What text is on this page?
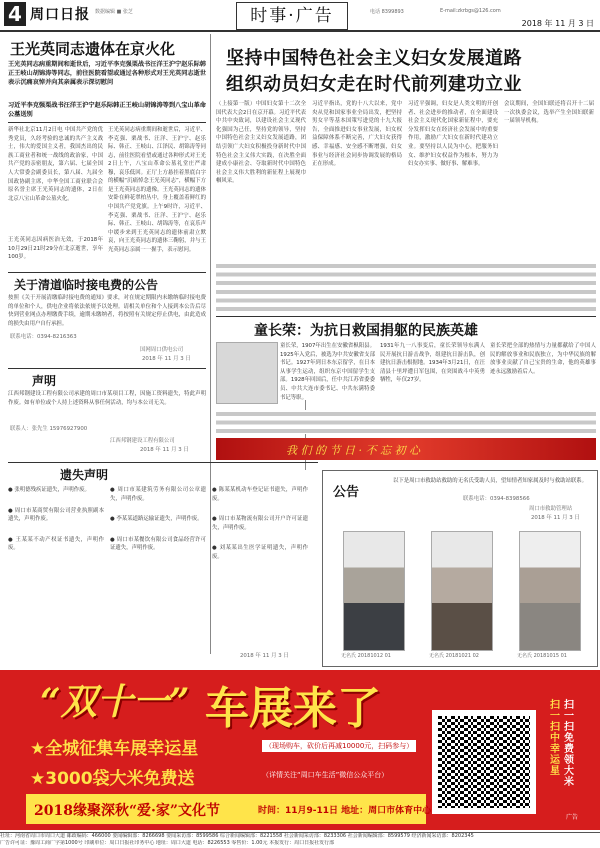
4 周口日报 数据编辑 ■ 张芝	时事·广告	电话 8399893	E-mail:zkrbgs@126.com
2018 年 11 月 3 日
王光英同志遗体在京火化
王光英同志病重期间和逝世后，习近平李克强栗战书汪洋王沪宁赵乐际韩正王岐山胡锦涛等同志，前往医院看望或通过各种形式对王光英同志逝世表示沉痛哀悼并向其亲属表示深切慰问
习近平李克强栗战书汪洋王沪宁赵乐际韩正王岐山胡锦涛等到八宝山革命公墓送别
新华社北京11月2日电 中国共产党的优秀党员，久经考验的忠诚的共产主义战士，伟大的爱国主义者，我国杰出的民族工商业者和统一战线的政治家，中国共产党的亲密朋友，第六届、七届全国人大常委会副委员长，第八届、九届全国政协副主席，中华全国工商业联合会原名誉主席王光英同志的遗体，2日在北京八宝山革命公墓火化。
王光英同志因病医治无效，于2018年10月29日21时29分在北京逝世，享年100岁。
王光英同志病重期间和逝世后，习近平、李克强、栗战书、汪洋、王沪宁、赵乐际、韩正、王岐山、江泽民、胡锦涛等同志，前往医院看望或通过各种形式对王光
2日上午，八宝山革命公墓礼堂庄严肃穆，哀乐低回。正厅上方悬挂着黑底白字的横幅“沉痛悼念王光英同志”，横幅下方是王光英同志的遗像。王光英同志的遗体安卧在鲜花翠柏丛中，身上覆盖着鲜红的中国共产党党旗。上午9时许，习近平、李克强、栗战书、汪洋、王沪宁、赵乐际、韩正、王岐山、胡锦涛等，在哀乐声中缓步来到王光英同志的遗体前肃立默哀，向王光英同志的遗体三鞠躬，并与王光英同志亲属一一握手，表示慰问。
坚持中国特色社会主义妇女发展道路
组织动员妇女走在时代前列建功立业
（上接第一版）中国妇女第十二次全国代表大会2日在京开幕。习近平代表中共中央致词，以建设社会主义现代化强国为己任，坚持党的领导，坚持中国特色社会主义妇女发展道路，团结引领广大妇女积极投身新时代中国特色社会主义伟大实践，在决胜全面建成小康社会、夺取新时代中国特色社会主义伟大胜利的新征程上展现巾帼风采。
习近平指出，党的十八大以来，党中央从党和国家事业全局出发，把坚持男女平等基本国策写进党的十九大报告，全面推进妇女事业发展，妇女权益保障体系不断完善，广大妇女获得感、幸福感、安全感不断增强，妇女事业与经济社会同步协调发展的格局正在形成。
习近平强调，妇女是人类文明的开创者、社会进步的推动者，在全面建设社会主义现代化国家新征程中，要充分发挥妇女在经济社会发展中的重要作用，激励广大妇女在新时代建功立业。要坚持以人民为中心，把服务妇女、维护妇女权益作为根本，努力为妇女办实事、做好事、解难事。
会议期间，全国妇联还将召开十二届一次执委会议，选举产生全国妇联新一届领导机构。
关于清道临时接电费的公告
按照《关于开展清缴临时接电费的通知》要求，对在规定期限内未缴纳临时接电费的单位和个人，供电企业将依法依规予以处理。请相关单位和个人接到本公告后尽快到营业网点办理缴费手续，逾期未缴纳者，将按照有关规定停止供电，由此造成的损失由用户自行承担。
联系电话：0394-8216363
国网周口供电公司
2018 年 11 月 3 日
声明
江西邦钢建设工程有限公司承建的周口市某项目工程，因施工资料遗失，特此声明作废。如有单位或个人持上述资料从事任何活动，均与本公司无关。
联系人：张先生 15976927900
江西邦钢建设工程有限公司
2018 年 11 月 3 日
童长荣：为抗日救国捐躯的民族英雄
童长荣，1907年出生在安徽省枞阳县。1925年入党后，被选为中共安徽省支部书记。1927年到日本东京留学，在日本从事学生运动，组织东京中国留学生支部。1928年回国后，任中共江苏省委委员、中共大连市委书记、中共东满特委书记等职。
1931年九一八事变后，童长荣领导东满人民开展抗日游击战争，组建抗日游击队，创建抗日游击根据地。1934年3月21日，在汪清县十里坪遭日军包围，在突围战斗中英勇牺牲，年仅27岁。
童长荣把全部的热情与力量都献给了中国人民的解放事业和民族独立，为中华民族的解放事业贡献了自己宝贵的生命，他的英雄事迹永远激励着后人。
我 们 的 节 日 · 不 忘 初 心
遗失声明
● 张明德残疾证遗失，声明作废。
● 周口市某商贸有限公司营业执照副本遗失，声明作废。
● 王某某不动产权证书遗失，声明作废。
● 周口市某建筑劳务有限公司公章遗失，声明作废。
● 李某某道路运输证遗失，声明作废。
● 周口市某餐饮有限公司食品经营许可证遗失，声明作废。
● 陈某某机动车登记证书遗失，声明作废。
● 周口市某物流有限公司开户许可证遗失，声明作废。
● 刘某某出生医学证明遗失，声明作废。
2018 年 11 月 3 日
公告
以下是周口市救助站救助的无名氏受助人员，望知情者知家属及时与救助站联系。
联系电话：0394-8398566
周口市救助管理站
2018 年 11 月 3 日
无名氏 20181012 01	无名氏 20181021 02	无名氏 20181015 01
“双十一” 车展来了
★全城征集车展幸运星	（现场购车，砍价后再减10000元，扫码参与）
★3000袋大米免费送	（详情关注“周口车生活”微信公众平台）
2018缘聚深秋“爱·家”文化节	时间：11月9-11日 地址：周口市体育中心
扫一扫免费领大米
扫一扫中幸运星
广告
社址：河南省周口市周口大道 邮政编码：466000 要闻编辑部：8266698 要闻采访部：8599586 综合新闻编辑部：8221558 社会新闻采访部：8233306 社会新闻编辑部：8599579 经济新闻采访部：8202345
广告许可证：豫周工商广字第1000号 印刷单位：周口日报社印务中心 地址：周口大道 电话：8226553 零售价：1.00元 本报发行：周口日报社发行部
